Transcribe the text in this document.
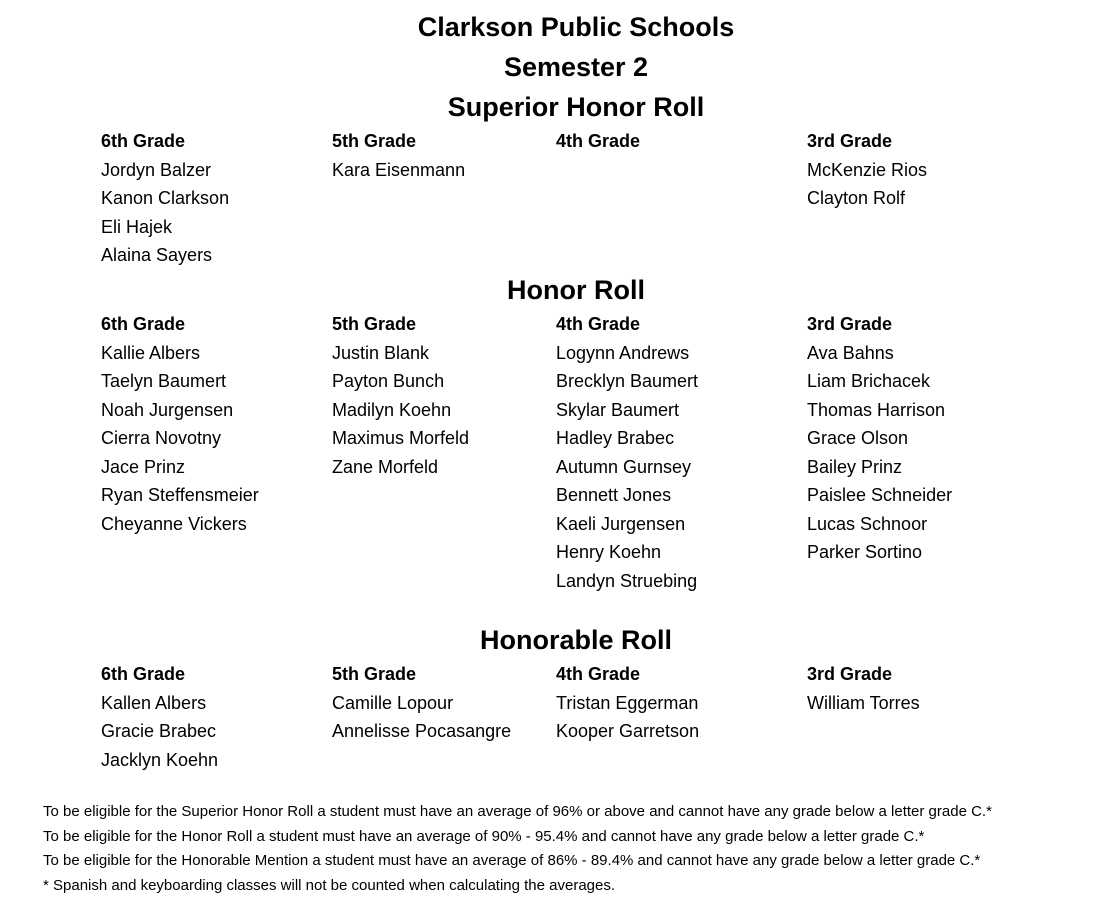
Clarkson Public Schools
Semester 2
Superior Honor Roll
6th Grade
Jordyn Balzer
Kanon Clarkson
Eli Hajek
Alaina Sayers
5th Grade
Kara Eisenmann
4th Grade	3rd Grade
McKenzie Rios
Clayton Rolf
Honor Roll
6th Grade
Kallie Albers
Taelyn Baumert
Noah Jurgensen
Cierra Novotny
Jace Prinz
Ryan Steffensmeier
Cheyanne Vickers
5th Grade
Justin Blank
Payton Bunch
Madilyn Koehn
Maximus Morfeld
Zane Morfeld
4th Grade
Logynn Andrews
Brecklyn Baumert
Skylar Baumert
Hadley Brabec
Autumn Gurnsey
Bennett Jones
Kaeli Jurgensen
Henry Koehn
Landyn Struebing
3rd Grade
Ava Bahns
Liam Brichacek
Thomas Harrison
Grace Olson
Bailey Prinz
Paislee Schneider
Lucas Schnoor
Parker Sortino
Honorable Roll
6th Grade
Kallen Albers
Gracie Brabec
Jacklyn Koehn
5th Grade
Camille Lopour
Annelisse Pocasangre
4th Grade
Tristan Eggerman
Kooper Garretson
3rd Grade
William Torres
To be eligible for the Superior Honor Roll a student must have an average of 96% or above and cannot have any grade below a letter grade C.*
To be eligible for the Honor Roll a student must have an average of 90% - 95.4% and cannot have any grade below a letter grade C.*
To be eligible for the Honorable Mention a student must have an average of 86% - 89.4% and cannot have any grade below a letter grade C.*
* Spanish and keyboarding classes will not be counted when calculating the averages.
